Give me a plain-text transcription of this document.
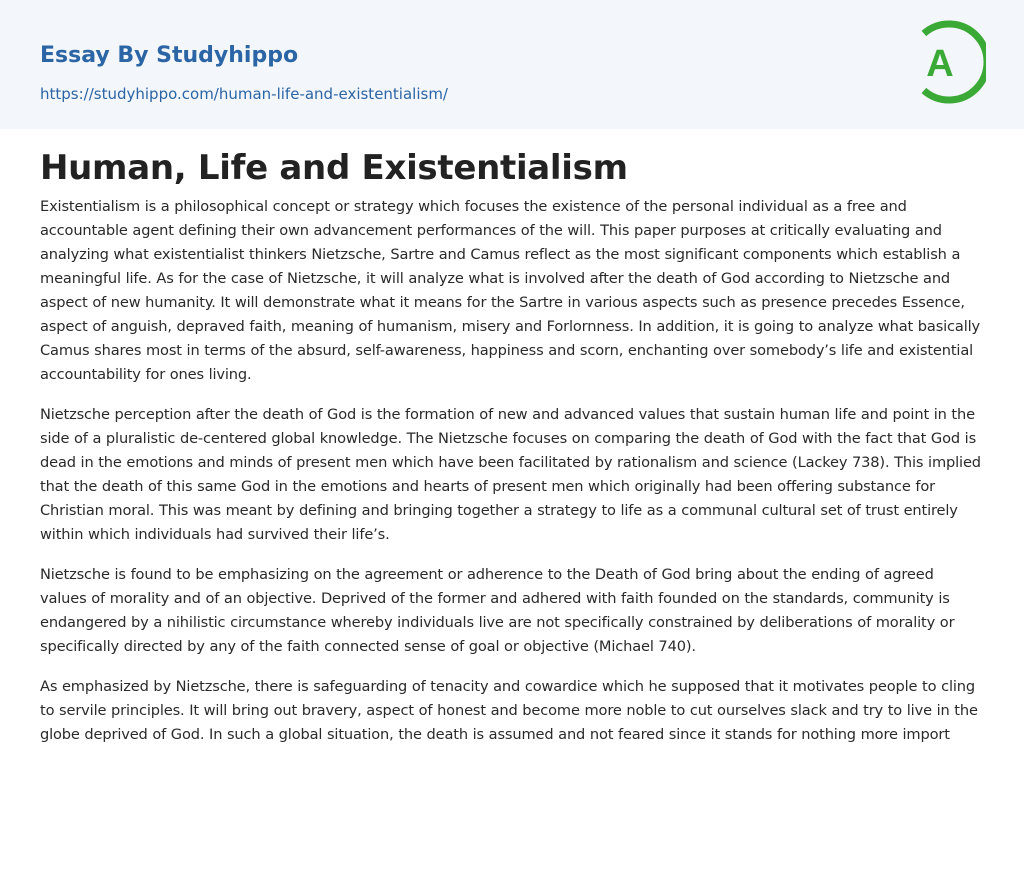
Essay By Studyhippo
https://studyhippo.com/human-life-and-existentialism/
A
Human, Life and Existentialism

Existentialism is a philosophical concept or strategy which focuses the existence of the personal individual as a free and accountable agent defining their own advancement performances of the will. This paper purposes at critically evaluating and analyzing what existentialist thinkers Nietzsche, Sartre and Camus reflect as the most significant components which establish a meaningful life. As for the case of Nietzsche, it will analyze what is involved after the death of God according to Nietzsche and aspect of new humanity. It will demonstrate what it means for the Sartre in various aspects such as presence precedes Essence, aspect of anguish, depraved faith, meaning of humanism, misery and Forlornness. In addition, it is going to analyze what basically Camus shares most in terms of the absurd, self-awareness, happiness and scorn, enchanting over somebody’s life and existential accountability for ones living.

Nietzsche perception after the death of God is the formation of new and advanced values that sustain human life and point in the side of a pluralistic de-centered global knowledge. The Nietzsche focuses on comparing the death of God with the fact that God is dead in the emotions and minds of present men which have been facilitated by rationalism and science (Lackey 738). This implied that the death of this same God in the emotions and hearts of present men which originally had been offering substance for Christian moral. This was meant by defining and bringing together a strategy to life as a communal cultural set of trust entirely within which individuals had survived their life’s.

Nietzsche is found to be emphasizing on the agreement or adherence to the Death of God bring about the ending of agreed values of morality and of an objective. Deprived of the former and adhered with faith founded on the standards, community is endangered by a nihilistic circumstance whereby individuals live are not specifically constrained by deliberations of morality or specifically directed by any of the faith connected sense of goal or objective (Michael 740).

As emphasized by Nietzsche, there is safeguarding of tenacity and cowardice which he supposed that it motivates people to cling to servile principles. It will bring out bravery, aspect of honest and become more noble to cut ourselves slack and try to live in the globe deprived of God. In such a global situation, the death is assumed and not feared since it stands for nothing more import
